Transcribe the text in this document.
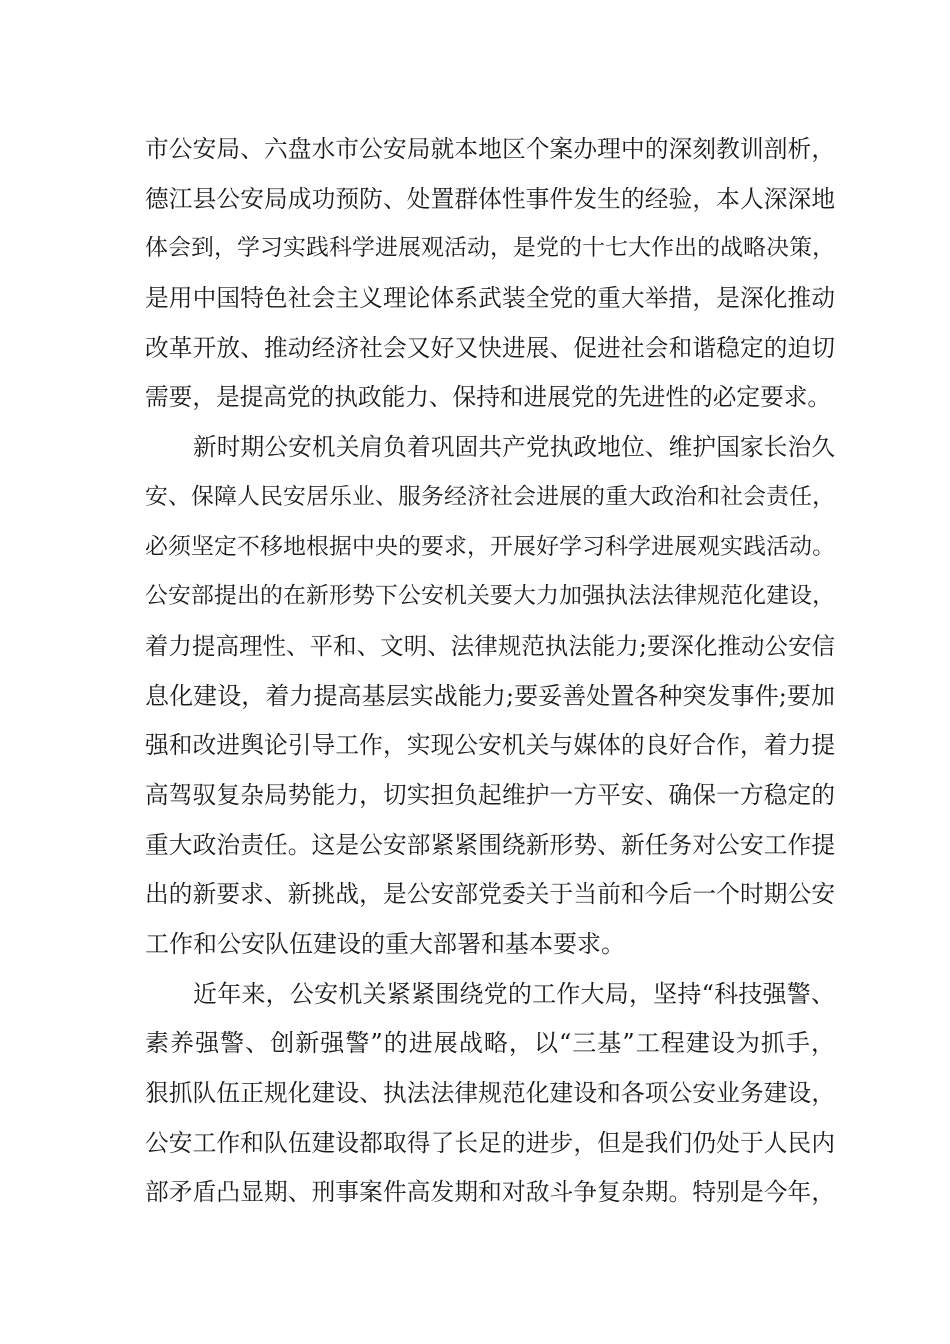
市公安局、六盘水市公安局就本地区个案办理中的深刻教训剖析，
德江县公安局成功预防、处置群体性事件发生的经验，本人深深地
体会到，学习实践科学进展观活动，是党的十七大作出的战略决策，
是用中国特色社会主义理论体系武装全党的重大举措，是深化推动
改革开放、推动经济社会又好又快进展、促进社会和谐稳定的迫切
需要，是提高党的执政能力、保持和进展党的先进性的必定要求。
新时期公安机关肩负着巩固共产党执政地位、维护国家长治久
安、保障人民安居乐业、服务经济社会进展的重大政治和社会责任，
必须坚定不移地根据中央的要求，开展好学习科学进展观实践活动。
公安部提出的在新形势下公安机关要大力加强执法法律规范化建设，
着力提高理性、平和、文明、法律规范执法能力;要深化推动公安信
息化建设，着力提高基层实战能力;要妥善处置各种突发事件;要加
强和改进舆论引导工作，实现公安机关与媒体的良好合作，着力提
高驾驭复杂局势能力，切实担负起维护一方平安、确保一方稳定的
重大政治责任。这是公安部紧紧围绕新形势、新任务对公安工作提
出的新要求、新挑战，是公安部党委关于当前和今后一个时期公安
工作和公安队伍建设的重大部署和基本要求。
近年来，公安机关紧紧围绕党的工作大局，坚持“科技强警、
素养强警、创新强警”的进展战略，以“三基”工程建设为抓手，
狠抓队伍正规化建设、执法法律规范化建设和各项公安业务建设，
公安工作和队伍建设都取得了长足的进步，但是我们仍处于人民内
部矛盾凸显期、刑事案件高发期和对敌斗争复杂期。特别是今年，
